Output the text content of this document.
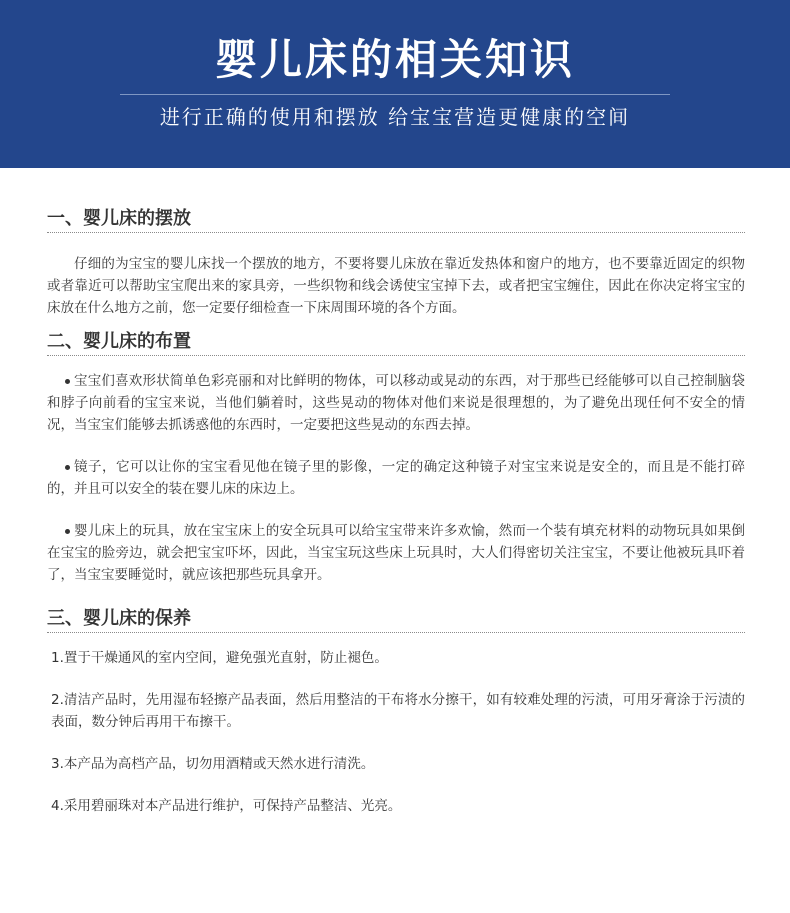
婴儿床的相关知识
进行正确的使用和摆放 给宝宝营造更健康的空间
一、婴儿床的摆放

仔细的为宝宝的婴儿床找一个摆放的地方，不要将婴儿床放在靠近发热体和窗户的地方，也不要靠近固定的织物或者靠近可以帮助宝宝爬出来的家具旁，一些织物和线会诱使宝宝掉下去，或者把宝宝缠住，因此在你决定将宝宝的床放在什么地方之前，您一定要仔细检查一下床周围环境的各个方面。

二、婴儿床的布置
宝宝们喜欢形状简单色彩亮丽和对比鲜明的物体，可以移动或晃动的东西，对于那些已经能够可以自己控制脑袋和脖子向前看的宝宝来说，当他们躺着时，这些晃动的物体对他们来说是很理想的，为了避免出现任何不安全的情况，当宝宝们能够去抓诱惑他的东西时，一定要把这些晃动的东西去掉。
镜子，它可以让你的宝宝看见他在镜子里的影像，一定的确定这种镜子对宝宝来说是安全的，而且是不能打碎的，并且可以安全的装在婴儿床的床边上。
婴儿床上的玩具，放在宝宝床上的安全玩具可以给宝宝带来许多欢愉，然而一个装有填充材料的动物玩具如果倒在宝宝的脸旁边，就会把宝宝吓坏，因此，当宝宝玩这些床上玩具时，大人们得密切关注宝宝，不要让他被玩具吓着了，当宝宝要睡觉时，就应该把那些玩具拿开。
三、婴儿床的保养

1.置于干燥通风的室内空间，避免强光直射，防止褪色。

2.清洁产品时，先用湿布轻擦产品表面，然后用整洁的干布将水分擦干，如有较难处理的污渍，可用牙膏涂于污渍的表面，数分钟后再用干布擦干。

3.本产品为高档产品，切勿用酒精或天然水进行清洗。

4.采用碧丽珠对本产品进行维护，可保持产品整洁、光亮。
